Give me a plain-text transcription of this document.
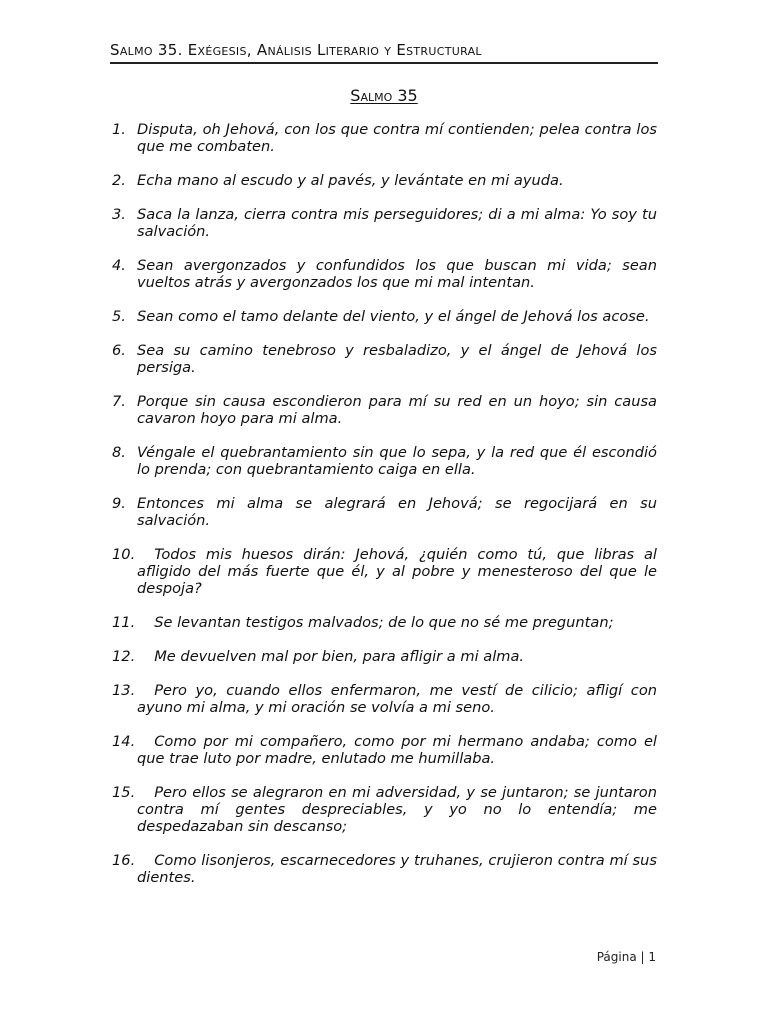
Salmo 35. Exégesis, Análisis Literario y Estructural
Salmo 35
1. Disputa, oh Jehová, con los que contra mí contienden; pelea contra los que me combaten.
2. Echa mano al escudo y al pavés, y levántate en mi ayuda.
3. Saca la lanza, cierra contra mis perseguidores; di a mi alma: Yo soy tu salvación.
4. Sean avergonzados y confundidos los que buscan mi vida; sean vueltos atrás y avergonzados los que mi mal intentan.
5. Sean como el tamo delante del viento, y el ángel de Jehová los acose.
6. Sea su camino tenebroso y resbaladizo, y el ángel de Jehová los persiga.
7. Porque sin causa escondieron para mí su red en un hoyo; sin causa cavaron hoyo para mi alma.
8. Véngale el quebrantamiento sin que lo sepa, y la red que él escondió lo prenda; con quebrantamiento caiga en ella.
9. Entonces mi alma se alegrará en Jehová; se regocijará en su salvación.
10. Todos mis huesos dirán: Jehová, ¿quién como tú, que libras al afligido del más fuerte que él, y al pobre y menesteroso del que le despoja?
11. Se levantan testigos malvados; de lo que no sé me preguntan;
12. Me devuelven mal por bien, para afligir a mi alma.
13. Pero yo, cuando ellos enfermaron, me vestí de cilicio; afligí con ayuno mi alma, y mi oración se volvía a mi seno.
14. Como por mi compañero, como por mi hermano andaba; como el que trae luto por madre, enlutado me humillaba.
15. Pero ellos se alegraron en mi adversidad, y se juntaron; se juntaron contra mí gentes despreciables, y yo no lo entendía; me despedazaban sin descanso;
16. Como lisonjeros, escarnecedores y truhanes, crujieron contra mí sus dientes.
Página | 1
